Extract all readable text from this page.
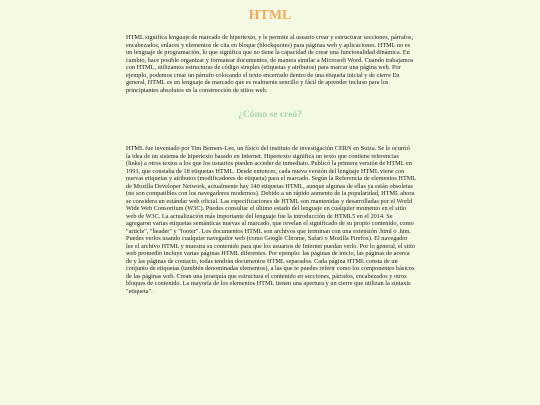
HTML

HTML significa lenguaje de marcado de hipertexto, y le permite al usuario crear y estructurar secciones, párrafos, encabezados, enlaces y elementos de cita en bloque (blockquotes) para páginas web y aplicaciones. HTML no es un lenguaje de programación, lo que significa que no tiene la capacidad de crear una funcionalidad dinámica. En cambio, hace posible organizar y formatear documentos, de manera similar a Microsoft Word. Cuando trabajamos con HTML, utilizamos estructuras de código simples (etiquetas y atributos) para marcar una página web. Por ejemplo, podemos crear un párrafo colocando el texto encerrado dentro de una etiqueta inicial y de cierre En general, HTML es un lenguaje de marcado que es realmente sencillo y fácil de aprender incluso para los principiantes absolutos en la construcción de sitios web.

¿Cómo se creó?

HTML fue inventado por Tim Berners-Lee, un físico del instituto de investigación CERN en Suiza. Se le ocurrió la idea de un sistema de hipertexto basado en Internet. Hipertexto significa un texto que contiene referencias (links) a otros textos a los que los usuarios pueden acceder de inmediato. Publicó la primera versión de HTML en 1991, que constaba de 18 etiquetas HTML. Desde entonces, cada nueva versión del lenguaje HTML viene con nuevas etiquetas y atributos (modificadores de etiqueta) para el marcado. Según la Referencia de elementos HTML de Mozilla Developer Network, actualmente hay 140 etiquetas HTML, aunque algunas de ellas ya están obsoletas (no son compatibles con los navegadores modernos). Debido a un rápido aumento de la popularidad, HTML ahora se considera un estándar web oficial. Las especificaciones de HTML son mantenidas y desarrolladas por el World Wide Web Consortium (W3C). Puedes consultar el último estado del lenguaje en cualquier momento en el sitio web de W3C. La actualización más importante del lenguaje fue la introducción de HTML5 en el 2014. Se agregaron varias etiquetas semánticas nuevas al marcado, que revelan el significado de su propio contenido, como "article", "header" y "footer". Los documentos HTML son archivos que terminan con una extensión .html o .htm. Puedes verlos usando cualquier navegador web (como Google Chrome, Safari o Mozilla Firefox). El navegador lee el archivo HTML y muestra su contenido para que los usuarios de Internet puedan verlo. Por lo general, el sitio web promedio incluye varias páginas HTML diferentes. Por ejemplo: las páginas de inicio, las páginas de acerca de y las páginas de contacto, todas tendrán documentos HTML separados. Cada página HTML consta de un conjunto de etiquetas (también denominadas elementos), a las que te puedes referir como los componentes básicos de las páginas web. Crean una jerarquía que estructura el contenido en secciones, párrafos, encabezados y otros bloques de contenido. La mayoría de los elementos HTML tienen una apertura y un cierre que utilizan la sintaxis "etiqueta".
